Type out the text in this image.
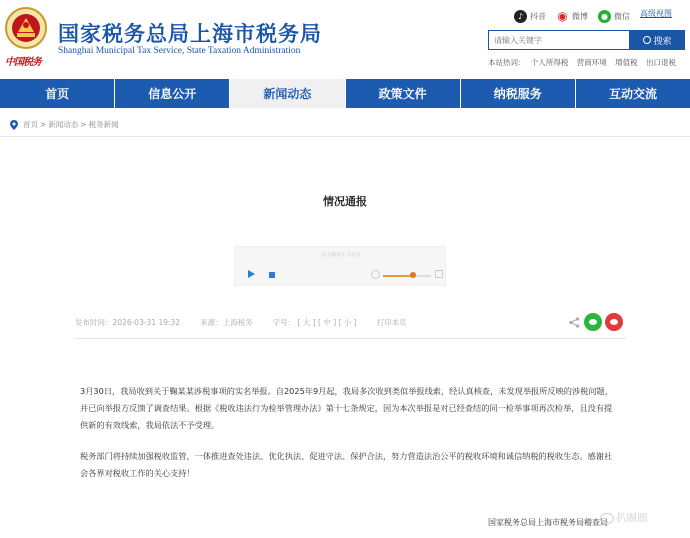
中国税务
国家税务总局上海市税务局
Shanghai Municipal Tax Service, State Taxation Administration
♪ 抖音 ◉ 微博	● 微信 高级视图
请输入关键字
搜索
本站热词： 个人所得税 营商环境 増值税 出口退税
首页	信息公开	新闻动态	政策文件	纳税服务	互动交流
首页 > 新闻动态 > 税务新闻
情况通报
点击播放正文语音
发布时间：2026-03-31 19:32	来源：上海税务	字号： [ 大 ] [ 中 ] [ 小 ]	打印本页

3月30日，我局收到关于鞠某某涉税事项的实名举报。自2025年9月起，我局多次收到类似举报线索，经认真核查，未发现举报所反映的涉税问题，并已向举报方反馈了调查结果。根据《税收违法行为检举管理办法》第十七条规定，因为本次举报是对已经查结的同一检举事项再次检举，且没有提供新的有效线索，我局依法不予受理。

税务部门将持续加强税收监管，一体推进查处违法、优化执法、促进守法、保护合法，努力营造法治公平的税收环境和诚信纳税的税收生态。感谢社会各界对税收工作的关心支持！

国家税务总局上海市税务局稽查局 扒圈圈
